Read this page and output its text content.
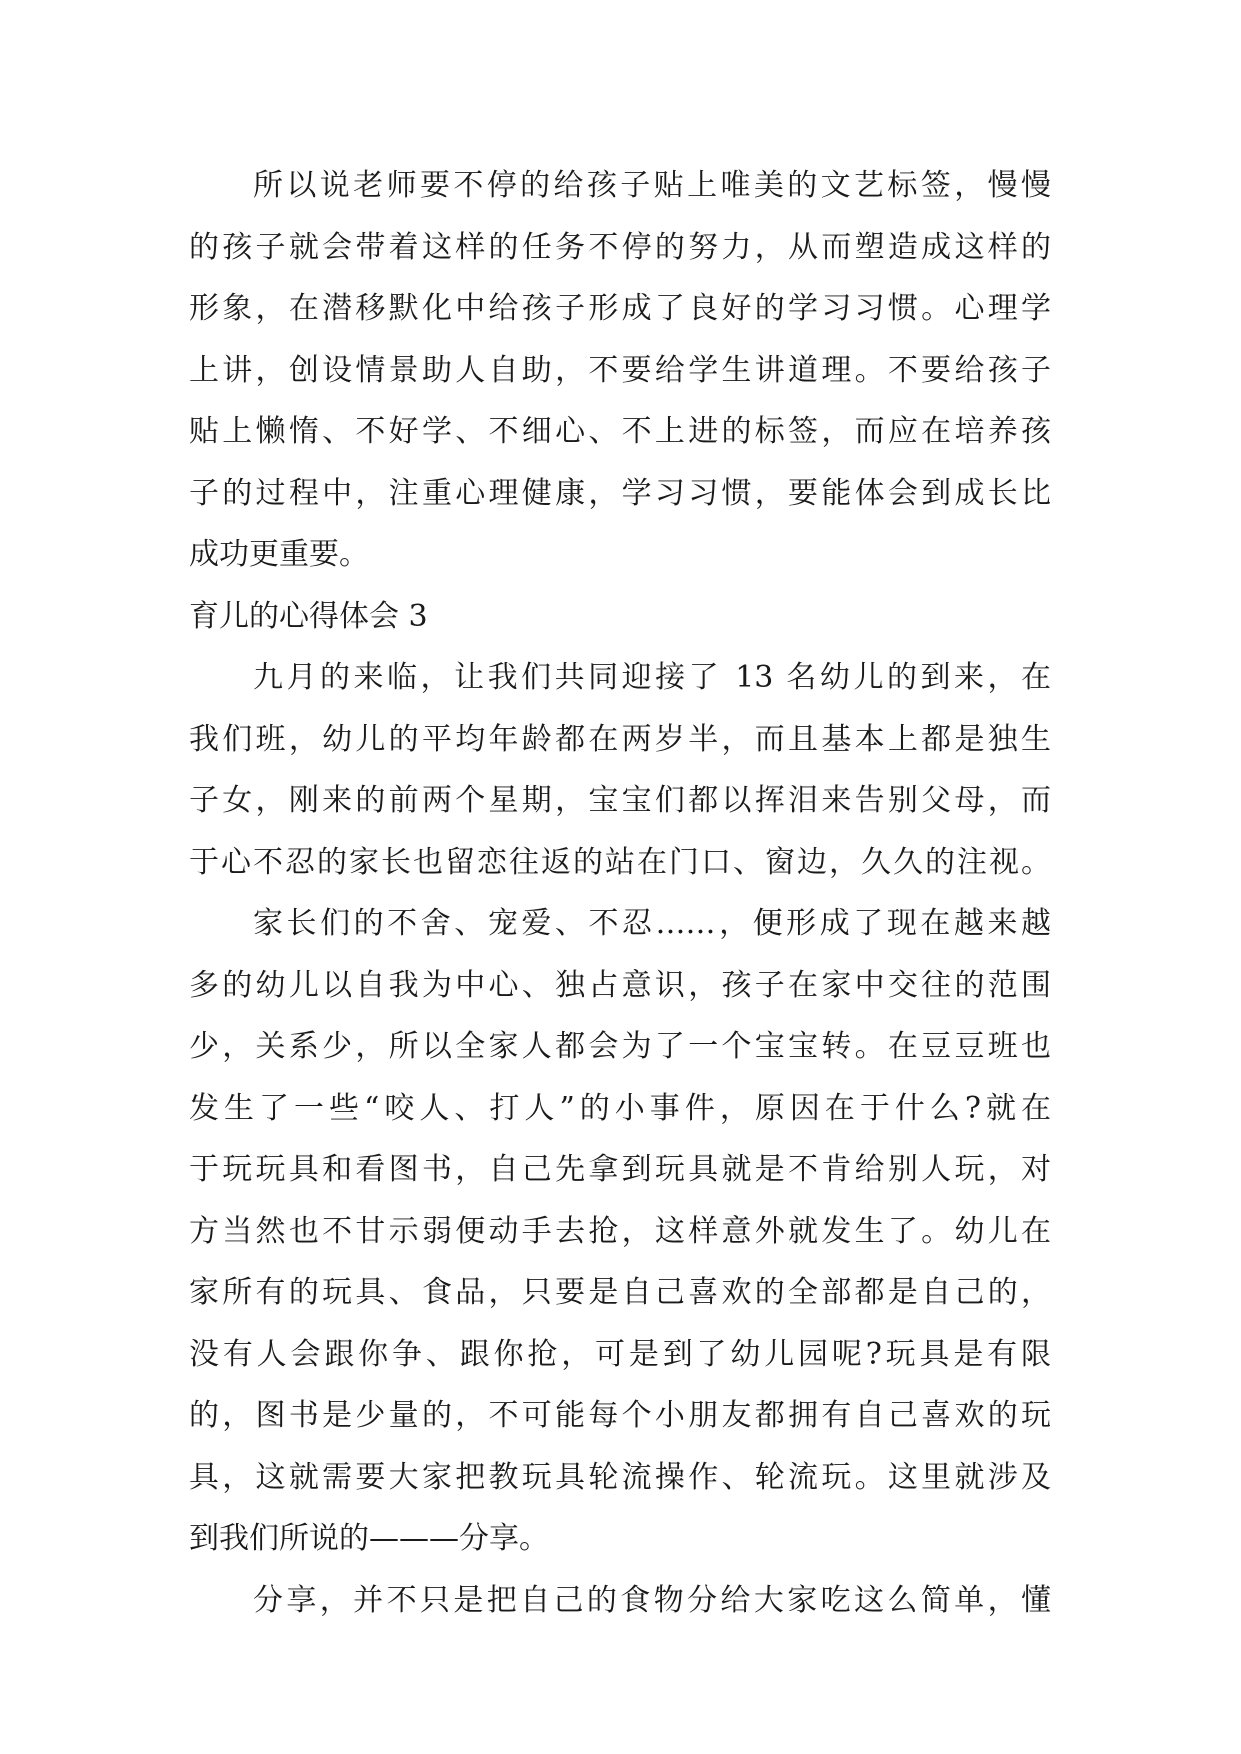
所以说老师要不停的给孩子贴上唯美的文艺标签，慢慢
的孩子就会带着这样的任务不停的努力，从而塑造成这样的
形象，在潜移默化中给孩子形成了良好的学习习惯。心理学
上讲，创设情景助人自助，不要给学生讲道理。不要给孩子
贴上懒惰、不好学、不细心、不上进的标签，而应在培养孩
子的过程中，注重心理健康，学习习惯，要能体会到成长比
成功更重要。
育儿的心得体会 3
九月的来临，让我们共同迎接了 13 名幼儿的到来，在
我们班，幼儿的平均年龄都在两岁半，而且基本上都是独生
子女，刚来的前两个星期，宝宝们都以挥泪来告别父母，而
于心不忍的家长也留恋往返的站在门口、窗边，久久的注视。
家长们的不舍、宠爱、不忍……，便形成了现在越来越
多的幼儿以自我为中心、独占意识，孩子在家中交往的范围
少，关系少，所以全家人都会为了一个宝宝转。在豆豆班也
发生了一些“咬人、打人”的小事件，原因在于什么?就在
于玩玩具和看图书，自己先拿到玩具就是不肯给别人玩，对
方当然也不甘示弱便动手去抢，这样意外就发生了。幼儿在
家所有的玩具、食品，只要是自己喜欢的全部都是自己的，
没有人会跟你争、跟你抢，可是到了幼儿园呢?玩具是有限
的，图书是少量的，不可能每个小朋友都拥有自己喜欢的玩
具，这就需要大家把教玩具轮流操作、轮流玩。这里就涉及
到我们所说的———分享。
分享，并不只是把自己的食物分给大家吃这么简单，懂
